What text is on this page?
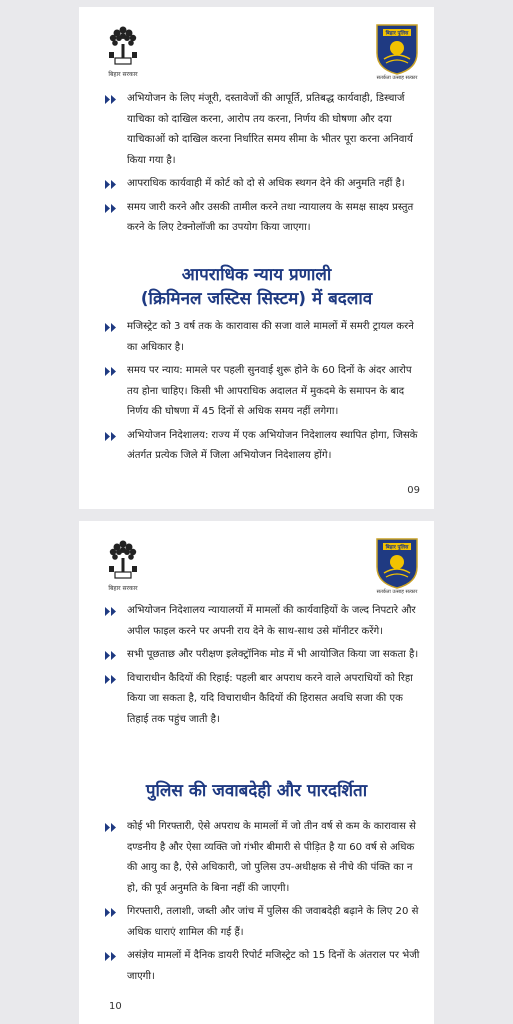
बिहार सरकार
बिहार पुलिस
सतर्कता उत्साह सत्कार
अभियोजन के लिए मंजूरी, दस्तावेजों की आपूर्ति, प्रतिबद्ध कार्यवाही, डिस्चार्ज याचिका को दाखिल करना, आरोप तय करना, निर्णय की घोषणा और दया याचिकाओं को दाखिल करना निर्धारित समय सीमा के भीतर पूरा करना अनिवार्य किया गया है।
आपराधिक कार्यवाही में कोर्ट को दो से अधिक स्थगन देने की अनुमति नहीं है।
समय जारी करने और उसकी तामील करने तथा न्यायालय के समक्ष साक्ष्य प्रस्तुत करने के लिए टेक्नोलॉजी का उपयोग किया जाएगा।
आपराधिक न्याय प्रणाली
(क्रिमिनल जस्टिस सिस्टम) में बदलाव
मजिस्ट्रेट को 3 वर्ष तक के कारावास की सजा वाले मामलों में समरी ट्रायल करने का अधिकार है।
समय पर न्याय: मामले पर पहली सुनवाई शुरू होने के 60 दिनों के अंदर आरोप तय होना चाहिए। किसी भी आपराधिक अदालत में मुकदमे के समापन के बाद निर्णय की घोषणा में 45 दिनों से अधिक समय नहीं लगेगा।
अभियोजन निदेशालय: राज्य में एक अभियोजन निदेशालय स्थापित होगा, जिसके अंतर्गत प्रत्येक जिले में जिला अभियोजन निदेशालय होंगे।
09
बिहार सरकार
बिहार पुलिस
सतर्कता उत्साह सत्कार
अभियोजन निदेशालय न्यायालयों में मामलों की कार्यवाहियों के जल्द निपटारे और अपील फाइल करने पर अपनी राय देने के साथ-साथ उसे मॉनीटर करेंगे।
सभी पूछताछ और परीक्षण इलेक्ट्रॉनिक मोड में भी आयोजित किया जा सकता है।
विचाराधीन कैदियों की रिहाई: पहली बार अपराध करने वाले अपराधियों को रिहा किया जा सकता है, यदि विचाराधीन कैदियों की हिरासत अवधि सजा की एक तिहाई तक पहुंच जाती है।
पुलिस की जवाबदेही और पारदर्शिता
कोई भी गिरफ्तारी, ऐसे अपराध के मामलों में जो तीन वर्ष से कम के कारावास से दण्डनीय है और ऐसा व्यक्ति जो गंभीर बीमारी से पीड़ित है या 60 वर्ष से अधिक की आयु का है, ऐसे अधिकारी, जो पुलिस उप-अधीक्षक से नीचे की पंक्ति का न हो, की पूर्व अनुमति के बिना नहीं की जाएगी।
गिरफ्तारी, तलाशी, जब्ती और जांच में पुलिस की जवाबदेही बढ़ाने के लिए 20 से अधिक धाराएं शामिल की गई हैं।
असंज्ञेय मामलों में दैनिक डायरी रिपोर्ट मजिस्ट्रेट को 15 दिनों के अंतराल पर भेजी जाएगी।
10
